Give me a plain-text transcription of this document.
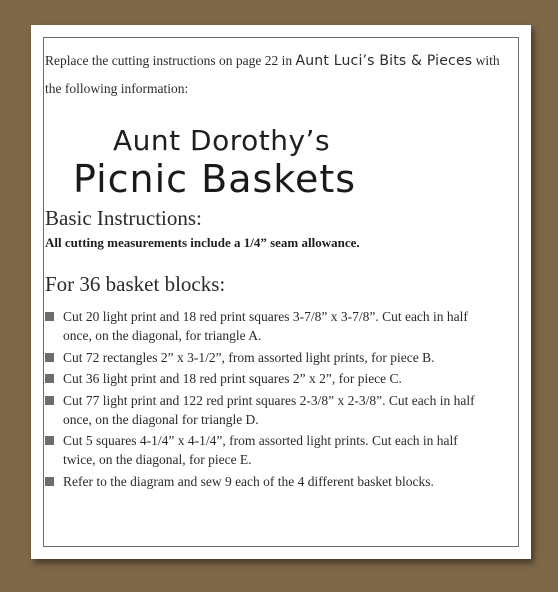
Replace the cutting instructions on page 22 in Aunt Luci’s Bits & Pieces with the following information:
Aunt Dorothy’s
Picnic Baskets
Basic Instructions:
All cutting measurements include a 1/4” seam allowance.
For 36 basket blocks:
Cut 20 light print and 18 red print squares 3-7/8” x 3-7/8”. Cut each in half once, on the diagonal, for triangle A.
Cut 72 rectangles 2” x 3-1/2”, from assorted light prints, for piece B.
Cut 36 light print and 18 red print squares 2” x 2”, for piece C.
Cut 77 light print and 122 red print squares 2-3/8” x 2-3/8”. Cut each in half once, on the diagonal for triangle D.
Cut 5 squares 4-1/4” x 4-1/4”, from assorted light prints. Cut each in half twice, on the diagonal, for piece E.
Refer to the diagram and sew 9 each of the 4 different basket blocks.
